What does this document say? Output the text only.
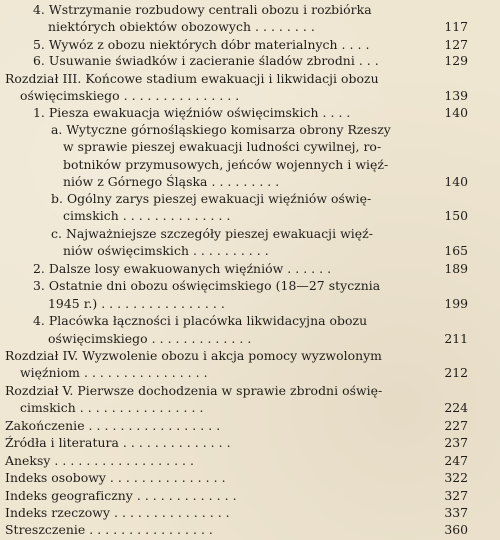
4. Wstrzymanie rozbudowy centrali obozu i rozbiórka
niektórych obiektów obozowych . . . . . . . .	117
5. Wywóz z obozu niektórych dóbr materialnych . . . .	127
6. Usuwanie świadków i zacieranie śladów zbrodni . . .	129
Rozdział III. Końcowe stadium ewakuacji i likwidacji obozu
oświęcimskiego . . . . . . . . . . . . . . .	139
1. Piesza ewakuacja więźniów oświęcimskich . . . .	140
a. Wytyczne górnośląskiego komisarza obrony Rzeszy
w sprawie pieszej ewakuacji ludności cywilnej, ro-
botników przymusowych, jeńców wojennych i więź-
niów z Górnego Śląska . . . . . . . . .	140
b. Ogólny zarys pieszej ewakuacji więźniów oświę-
cimskich . . . . . . . . . . . . . .	150
c. Najważniejsze szczegóły pieszej ewakuacji więź-
niów oświęcimskich . . . . . . . . . .	165
2. Dalsze losy ewakuowanych więźniów . . . . . .	189
3. Ostatnie dni obozu oświęcimskiego (18—27 stycznia
1945 r.) . . . . . . . . . . . . . . . .	199
4. Placówka łączności i placówka likwidacyjna obozu
oświęcimskiego . . . . . . . . . . . . .	211
Rozdział IV. Wyzwolenie obozu i akcja pomocy wyzwolonym
więźniom . . . . . . . . . . . . . . . .	212
Rozdział V. Pierwsze dochodzenia w sprawie zbrodni oświę-
cimskich . . . . . . . . . . . . . . . .	224
Zakończenie . . . . . . . . . . . . . . . . .	227
Źródła i literatura . . . . . . . . . . . . . .	237
Aneksy . . . . . . . . . . . . . . . . . .	247
Indeks osobowy . . . . . . . . . . . . . . .	322
Indeks geograficzny . . . . . . . . . . . . .	327
Indeks rzeczowy . . . . . . . . . . . . . . .	337
Streszczenie . . . . . . . . . . . . . . . .	360
